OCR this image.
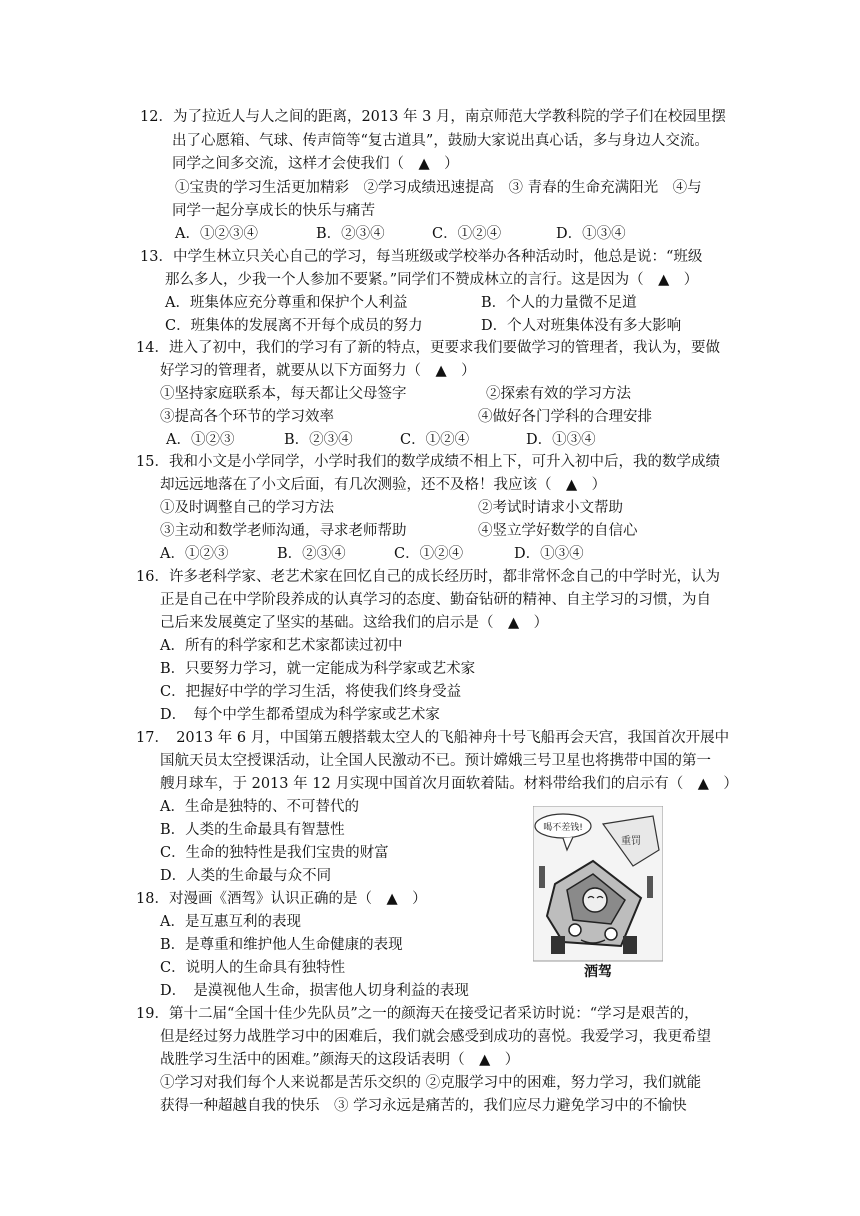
12．为了拉近人与人之间的距离，2013 年 3 月，南京师范大学教科院的学子们在校园里摆
出了心愿箱、气球、传声筒等“复古道具”，鼓励大家说出真心话，多与身边人交流。
同学之间多交流，这样才会使我们（　▲　）
①宝贵的学习生活更加精彩　②学习成绩迅速提高　③ 青春的生命充满阳光　④与
同学一起分享成长的快乐与痛苦
A．①②③④	B．②③④	C．①②④	D．①③④
13．中学生林立只关心自己的学习，每当班级或学校举办各种活动时，他总是说：“班级
那么多人，少我一个人参加不要紧。”同学们不赞成林立的言行。这是因为（　▲　）
A．班集体应充分尊重和保护个人利益	B．个人的力量微不足道
C．班集体的发展离不开每个成员的努力	D．个人对班集体没有多大影响
14．进入了初中，我们的学习有了新的特点，更要求我们要做学习的管理者，我认为，要做
好学习的管理者，就要从以下方面努力（　▲　）
①坚持家庭联系本，每天都让父母签字	②探索有效的学习方法
③提高各个环节的学习效率	④做好各门学科的合理安排
A．①②③	B．②③④	C．①②④	D．①③④
15．我和小文是小学同学，小学时我们的数学成绩不相上下，可升入初中后，我的数学成绩
却远远地落在了小文后面，有几次测验，还不及格！我应该（　▲　）
①及时调整自己的学习方法	②考试时请求小文帮助
③主动和数学老师沟通，寻求老师帮助	④竖立学好数学的自信心
A．①②③	B．②③④	C．①②④	D．①③④
16．许多老科学家、老艺术家在回忆自己的成长经历时，都非常怀念自己的中学时光，认为
正是自己在中学阶段养成的认真学习的态度、勤奋钻研的精神、自主学习的习惯，为自
己后来发展奠定了坚实的基础。这给我们的启示是（　▲　）
A．所有的科学家和艺术家都读过初中
B．只要努力学习，就一定能成为科学家或艺术家
C．把握好中学的学习生活，将使我们终身受益
D．　每个中学生都希望成为科学家或艺术家
17．　2013 年 6 月，中国第五艘搭载太空人的飞船神舟十号飞船再会天宫，我国首次开展中
国航天员太空授课活动，让全国人民激动不已。预计嫦娥三号卫星也将携带中国的第一
艘月球车，于 2013 年 12 月实现中国首次月面软着陆。材料带给我们的启示有（　▲　）
A．生命是独特的、不可替代的
B．人类的生命最具有智慧性
C．生命的独特性是我们宝贵的财富
D．人类的生命最与众不同
18．对漫画《酒驾》认识正确的是（　▲　）
A．是互惠互利的表现
B．是尊重和维护他人生命健康的表现
C．说明人的生命具有独特性
D．　是漠视他人生命，损害他人切身利益的表现
19．第十二届“全国十佳少先队员”之一的颜海天在接受记者采访时说：“学习是艰苦的，
但是经过努力战胜学习中的困难后，我们就会感受到成功的喜悦。我爱学习，我更希望
战胜学习生活中的困难。”颜海天的这段话表明（　▲　）
①学习对我们每个人来说都是苦乐交织的 ②克服学习中的困难，努力学习，我们就能
获得一种超越自我的快乐　③ 学习永远是痛苦的，我们应尽力避免学习中的不愉快
喝不差钱!
重罚
酒驾
